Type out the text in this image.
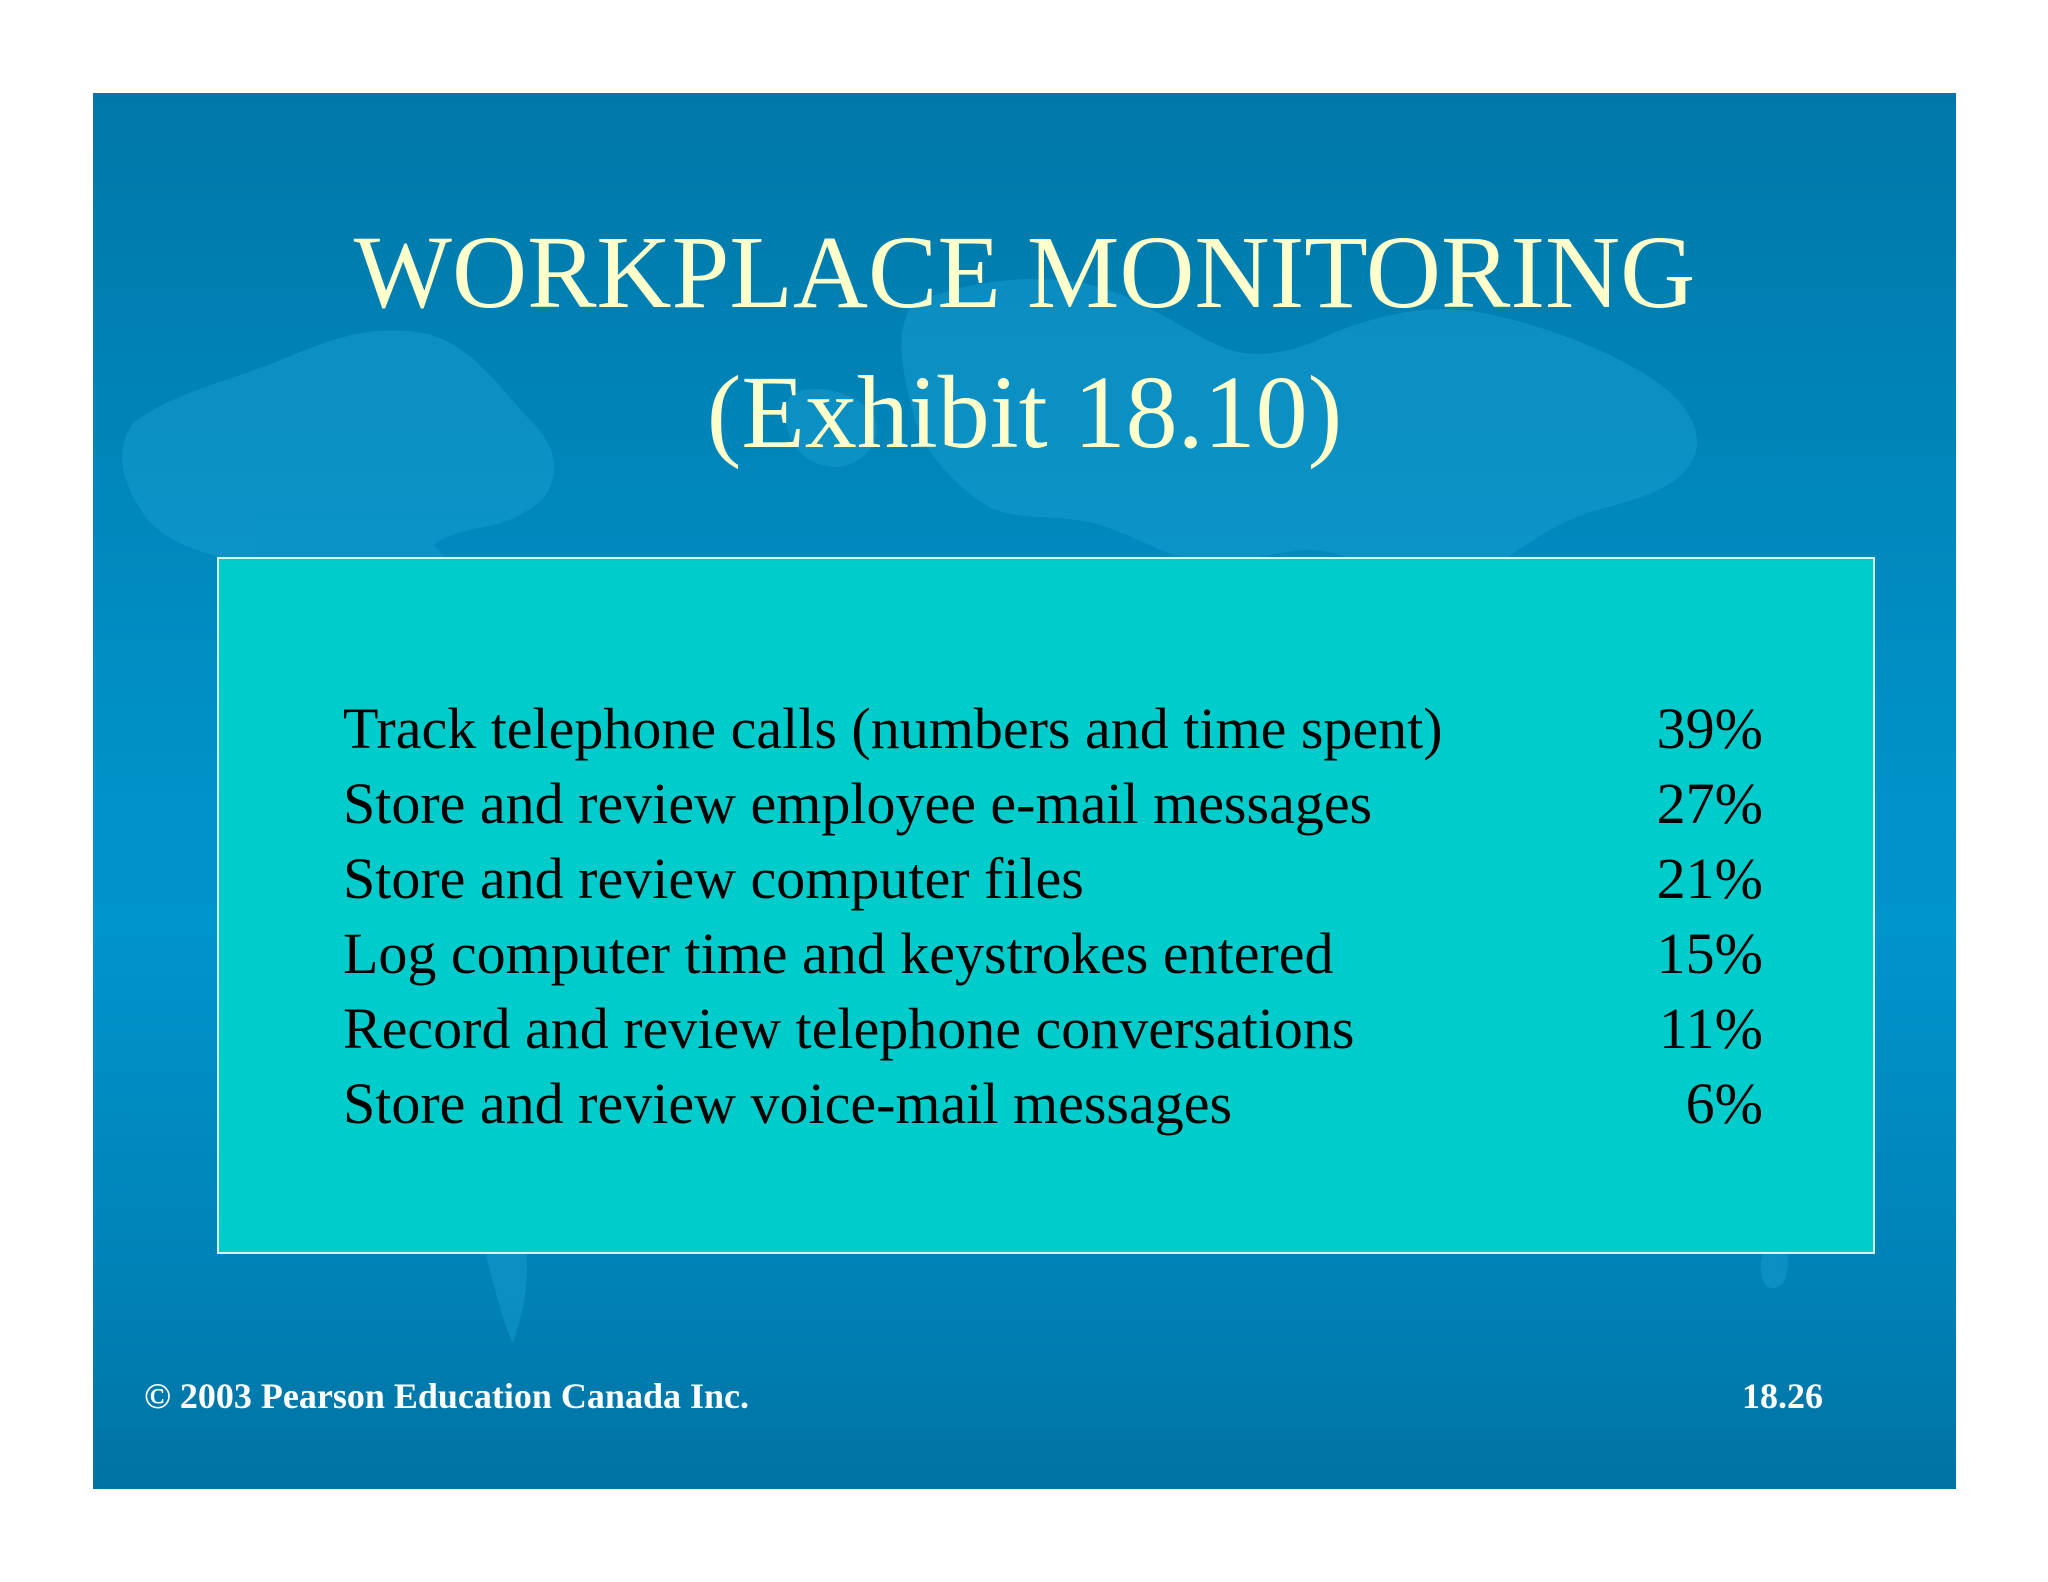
WORKPLACE MONITORING
(Exhibit 18.10)
Track telephone calls (numbers and time spent)	39%
Store and review employee e-mail messages	27%
Store and review computer files	21%
Log computer time and keystrokes entered	15%
Record and review telephone conversations	11%
Store and review voice-mail messages	6%
© 2003 Pearson Education Canada Inc.	18.26
